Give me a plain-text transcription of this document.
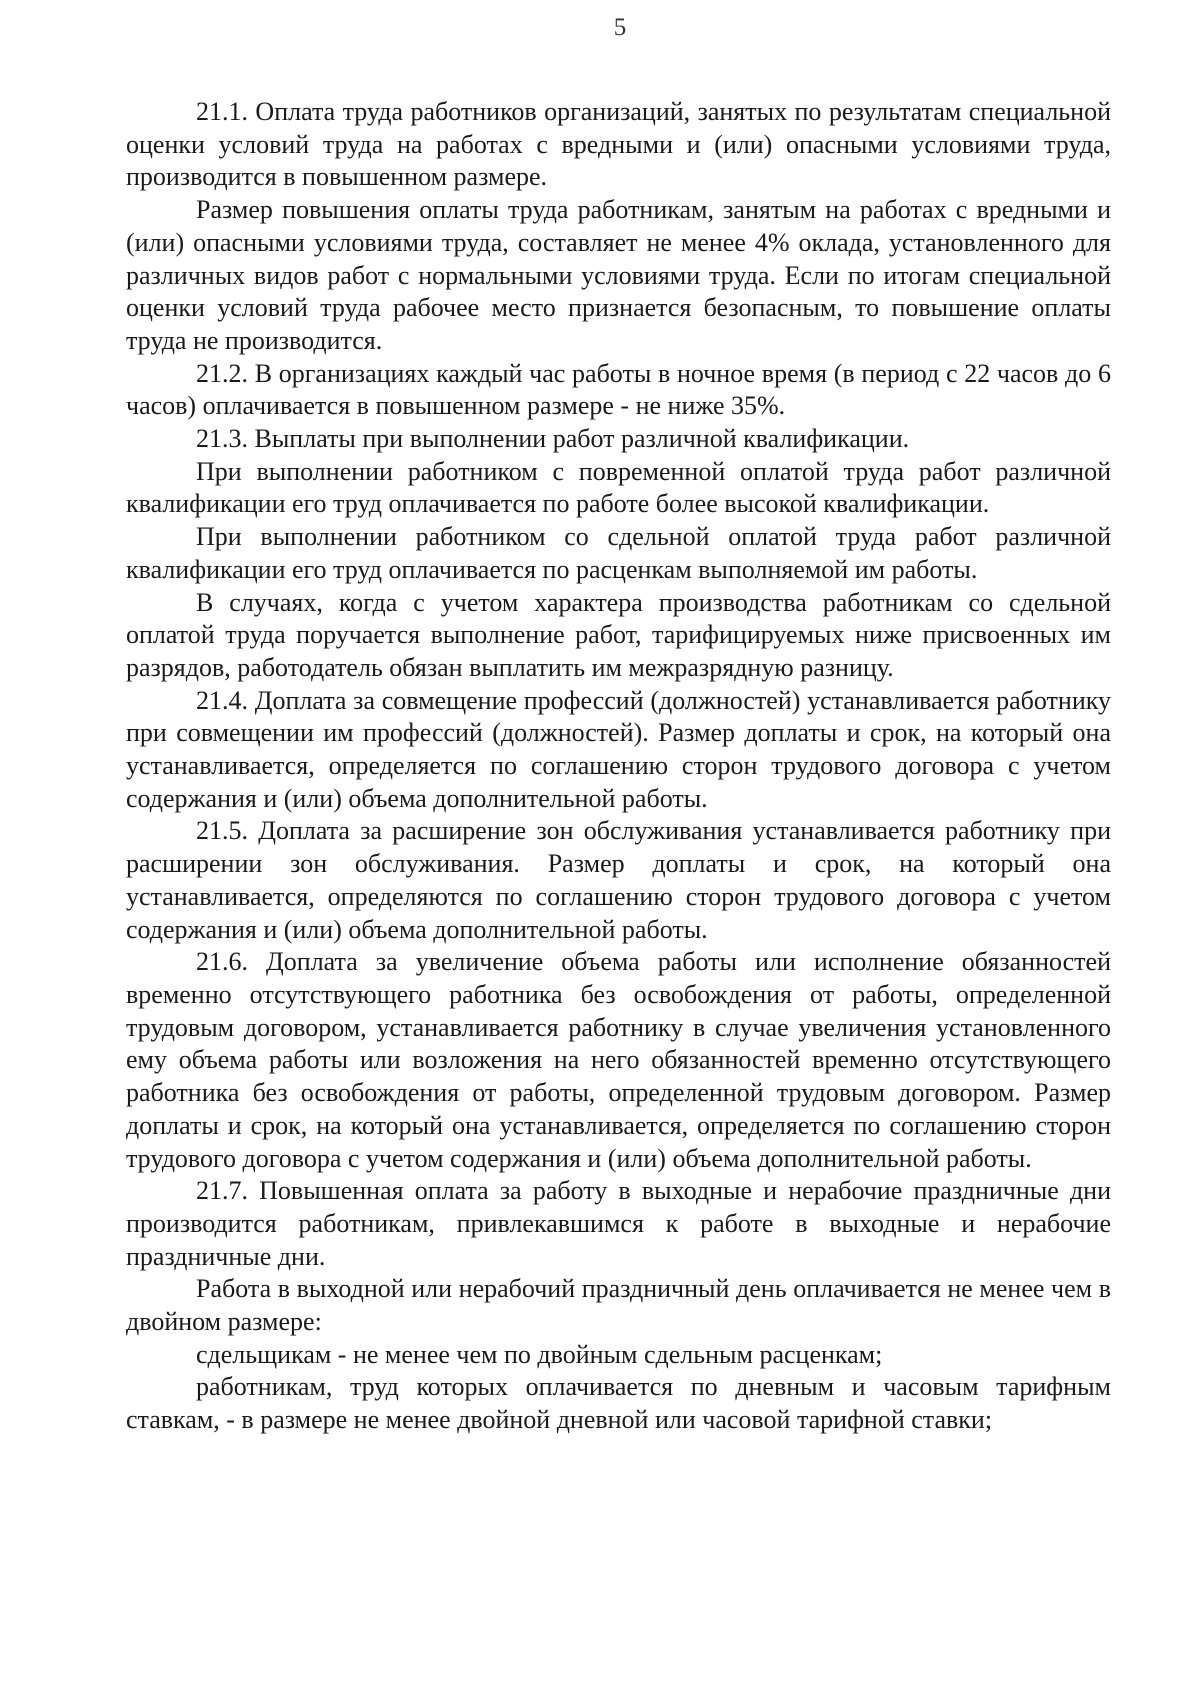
5

21.1. Оплата труда работников организаций, занятых по результатам специальной оценки условий труда на работах с вредными и (или) опасными условиями труда, производится в повышенном размере.

Размер повышения оплаты труда работникам, занятым на работах с вредными и (или) опасными условиями труда, составляет не менее 4% оклада, установленного для различных видов работ с нормальными условиями труда. Если по итогам специальной оценки условий труда рабочее место признается безопасным, то повышение оплаты труда не производится.

21.2. В организациях каждый час работы в ночное время (в период с 22 часов до 6 часов) оплачивается в повышенном размере - не ниже 35%.

21.3. Выплаты при выполнении работ различной квалификации.

При выполнении работником с повременной оплатой труда работ различной квалификации его труд оплачивается по работе более высокой квалификации.

При выполнении работником со сдельной оплатой труда работ различной квалификации его труд оплачивается по расценкам выполняемой им работы.

В случаях, когда с учетом характера производства работникам со сдельной оплатой труда поручается выполнение работ, тарифицируемых ниже присвоенных им разрядов, работодатель обязан выплатить им межразрядную разницу.

21.4. Доплата за совмещение профессий (должностей) устанавливается работнику при совмещении им профессий (должностей). Размер доплаты и срок, на который она устанавливается, определяется по соглашению сторон трудового договора с учетом содержания и (или) объема дополнительной работы.

21.5. Доплата за расширение зон обслуживания устанавливается работнику при расширении зон обслуживания. Размер доплаты и срок, на который она устанавливается, определяются по соглашению сторон трудового договора с учетом содержания и (или) объема дополнительной работы.

21.6. Доплата за увеличение объема работы или исполнение обязанностей временно отсутствующего работника без освобождения от работы, определенной трудовым договором, устанавливается работнику в случае увеличения установленного ему объема работы или возложения на него обязанностей временно отсутствующего работника без освобождения от работы, определенной трудовым договором. Размер доплаты и срок, на который она устанавливается, определяется по соглашению сторон трудового договора с учетом содержания и (или) объема дополнительной работы.

21.7. Повышенная оплата за работу в выходные и нерабочие праздничные дни производится работникам, привлекавшимся к работе в выходные и нерабочие праздничные дни.

Работа в выходной или нерабочий праздничный день оплачивается не менее чем в двойном размере:

сдельщикам - не менее чем по двойным сдельным расценкам;

работникам, труд которых оплачивается по дневным и часовым тарифным ставкам, - в размере не менее двойной дневной или часовой тарифной ставки;
